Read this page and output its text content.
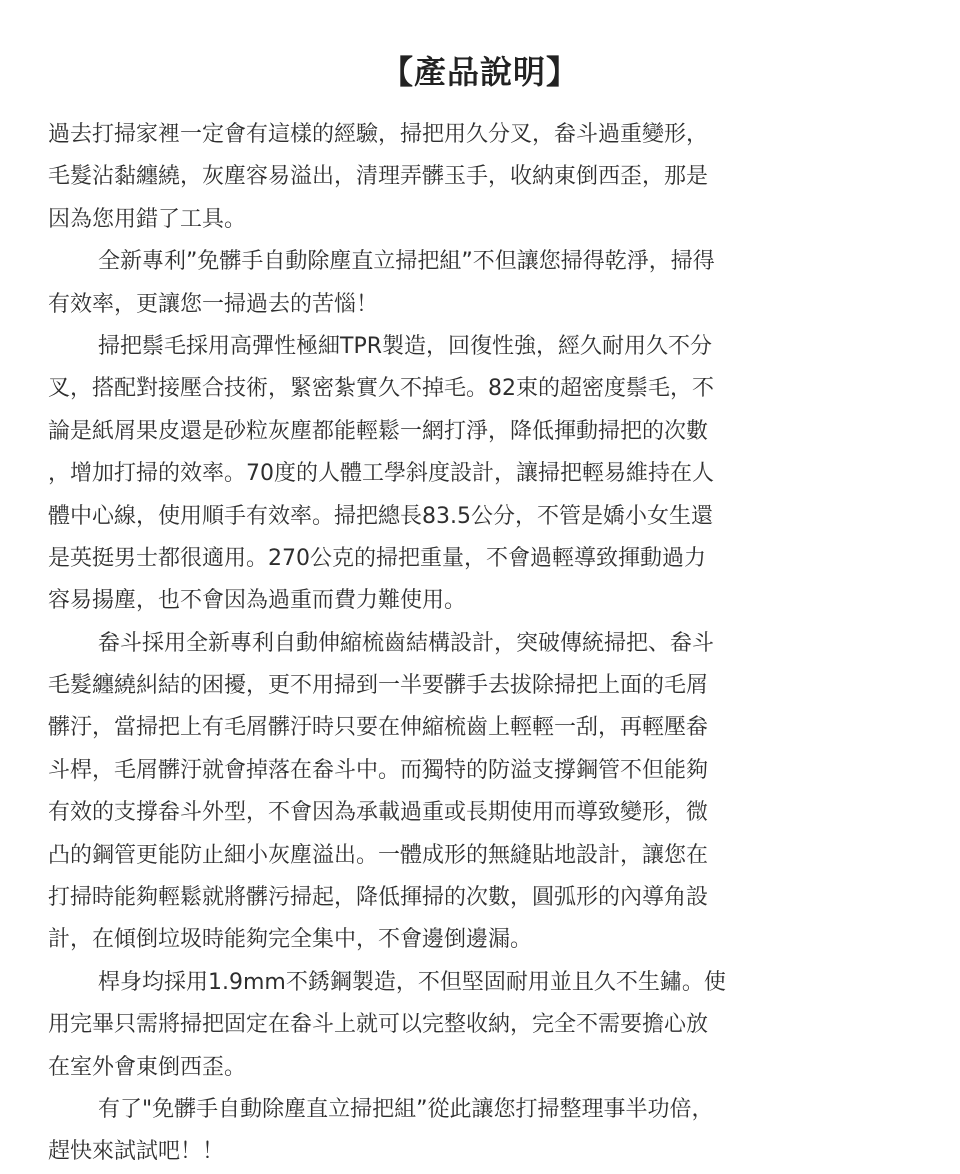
【產品說明】
過去打掃家裡一定會有這樣的經驗，掃把用久分叉，畚斗過重變形，
毛髮沾黏纏繞，灰塵容易溢出，清理弄髒玉手，收納東倒西歪，那是
因為您用錯了工具。
全新專利”免髒手自動除塵直立掃把組”不但讓您掃得乾淨，掃得
有效率，更讓您一掃過去的苦惱！
掃把鬃毛採用高彈性極細TPR製造，回復性強，經久耐用久不分
叉，搭配對接壓合技術，緊密紮實久不掉毛。82束的超密度鬃毛，不
論是紙屑果皮還是砂粒灰塵都能輕鬆一網打淨，降低揮動掃把的次數
，增加打掃的效率。70度的人體工學斜度設計，讓掃把輕易維持在人
體中心線，使用順手有效率。掃把總長83.5公分，不管是嬌小女生還
是英挺男士都很適用。270公克的掃把重量，不會過輕導致揮動過力
容易揚塵，也不會因為過重而費力難使用。
畚斗採用全新專利自動伸縮梳齒結構設計，突破傳統掃把、畚斗
毛髮纏繞糾結的困擾，更不用掃到一半要髒手去拔除掃把上面的毛屑
髒汙，當掃把上有毛屑髒汙時只要在伸縮梳齒上輕輕一刮，再輕壓畚
斗桿，毛屑髒汙就會掉落在畚斗中。而獨特的防溢支撐鋼管不但能夠
有效的支撐畚斗外型，不會因為承載過重或長期使用而導致變形，微
凸的鋼管更能防止細小灰塵溢出。一體成形的無縫貼地設計，讓您在
打掃時能夠輕鬆就將髒污掃起，降低揮掃的次數，圓弧形的內導角設
計，在傾倒垃圾時能夠完全集中，不會邊倒邊漏。
桿身均採用1.9mm不銹鋼製造，不但堅固耐用並且久不生鏽。使
用完畢只需將掃把固定在畚斗上就可以完整收納，完全不需要擔心放
在室外會東倒西歪。
有了"免髒手自動除塵直立掃把組”從此讓您打掃整理事半功倍，
趕快來試試吧！！
